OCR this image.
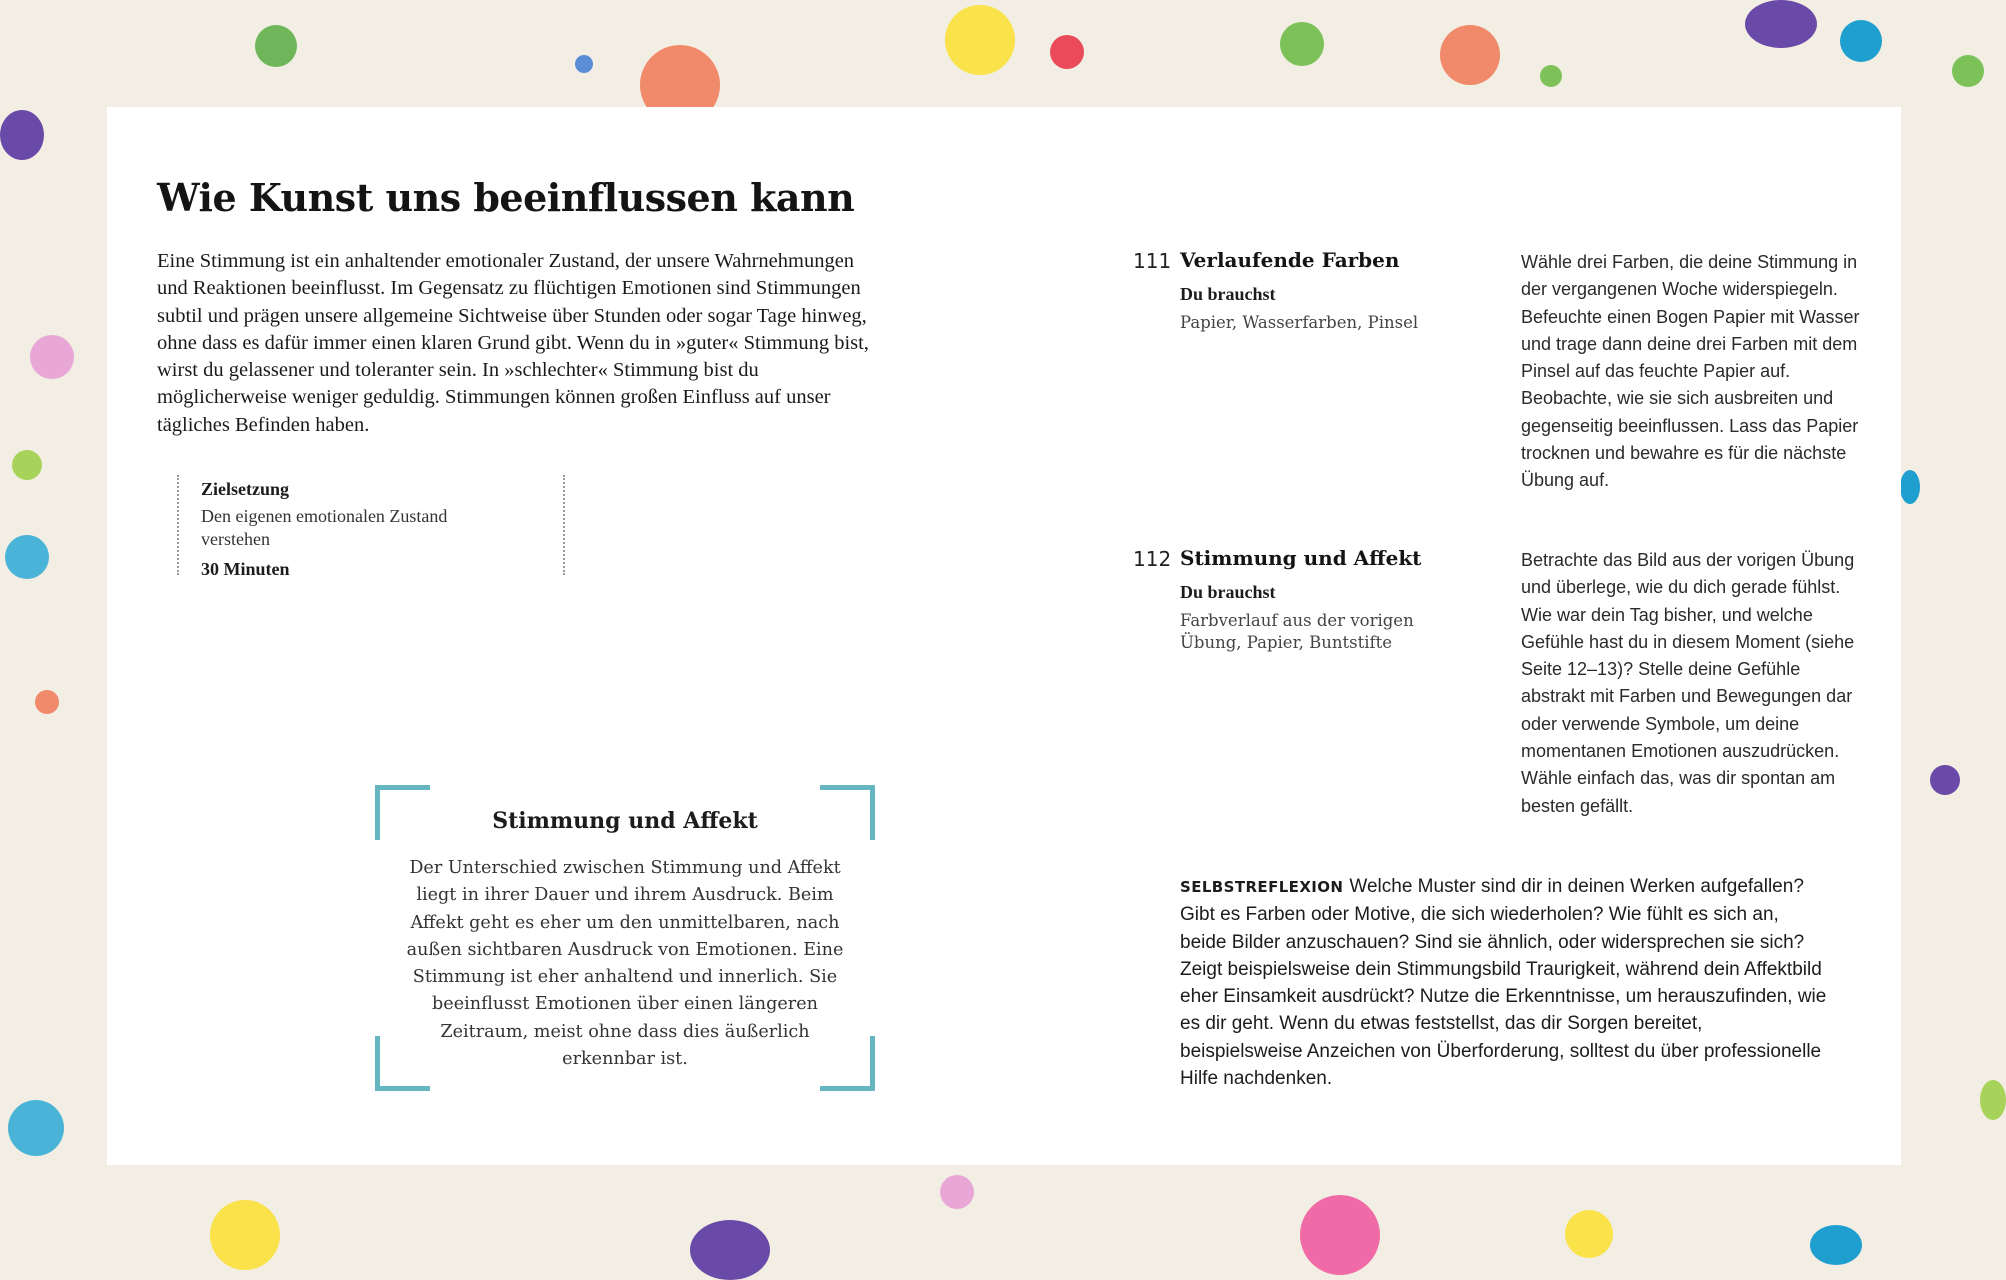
Wie Kunst uns beeinflussen kann

Eine Stimmung ist ein anhaltender emotionaler Zustand, der unsere Wahrnehmungen und Reaktionen beeinflusst. Im Gegensatz zu flüchtigen Emotionen sind Stimmungen subtil und prägen unsere allgemeine Sichtweise über Stunden oder sogar Tage hinweg, ohne dass es dafür immer einen klaren Grund gibt. Wenn du in »guter« Stimmung bist, wirst du gelassener und toleranter sein. In »schlechter« Stimmung bist du möglicherweise weniger geduldig. Stimmungen können großen Einfluss auf unser tägliches Befinden haben.

Zielsetzung
Den eigenen emotionalen Zustand verstehen
30 Minuten
Stimmung und Affekt
Der Unterschied zwischen Stimmung und Affekt liegt in ihrer Dauer und ihrem Ausdruck. Beim Affekt geht es eher um den unmittelbaren, nach außen sichtbaren Ausdruck von Emotionen. Eine Stimmung ist eher anhaltend und innerlich. Sie beeinflusst Emotionen über einen längeren Zeitraum, meist ohne dass dies äußerlich erkennbar ist.
111 Verlaufende Farben
Du brauchst
Papier, Wasserfarben, Pinsel

Wähle drei Farben, die deine Stimmung in der vergangenen Woche widerspiegeln. Befeuchte einen Bogen Papier mit Wasser und trage dann deine drei Farben mit dem Pinsel auf das feuchte Papier auf. Beobachte, wie sie sich ausbreiten und gegenseitig beeinflussen. Lass das Papier trocknen und bewahre es für die nächste Übung auf.

112 Stimmung und Affekt
Du brauchst
Farbverlauf aus der vorigen Übung, Papier, Buntstifte

Betrachte das Bild aus der vorigen Übung und überlege, wie du dich gerade fühlst. Wie war dein Tag bisher, und welche Gefühle hast du in diesem Moment (siehe Seite 12–13)? Stelle deine Gefühle abstrakt mit Farben und Bewegungen dar oder verwende Symbole, um deine momentanen Emotionen auszudrücken. Wähle einfach das, was dir spontan am besten gefällt.

SELBSTREFLEXION Welche Muster sind dir in deinen Werken aufgefallen? Gibt es Farben oder Motive, die sich wiederholen? Wie fühlt es sich an, beide Bilder anzuschauen? Sind sie ähnlich, oder widersprechen sie sich? Zeigt beispielsweise dein Stimmungsbild Traurigkeit, während dein Affektbild eher Einsamkeit ausdrückt? Nutze die Erkenntnisse, um herauszufinden, wie es dir geht. Wenn du etwas feststellst, das dir Sorgen bereitet, beispielsweise Anzeichen von Überforderung, solltest du über professionelle Hilfe nachdenken.
